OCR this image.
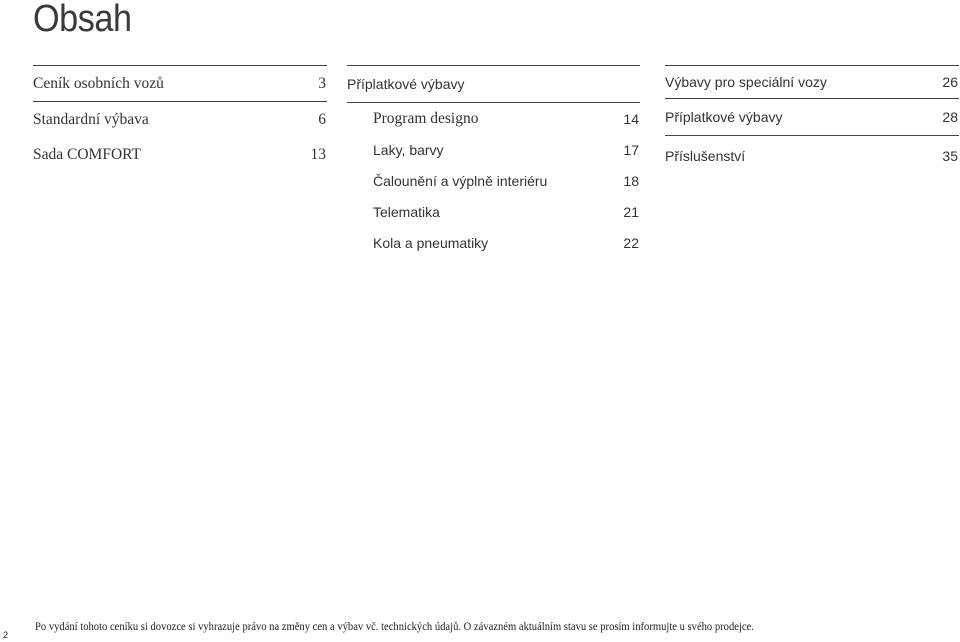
Obsah
Ceník osobních vozů	3
Standardní výbava	6
Sada COMFORT	13
Příplatkové výbavy
Program designo	14
Laky, barvy	17
Čalounění a výplně interiéru	18
Telematika	21
Kola a pneumatiky	22
Výbavy pro speciální vozy	26
Příplatkové výbavy	28
Příslušenství	35
Po vydání tohoto ceníku si dovozce si vyhrazuje právo na změny cen a výbav vč. technických údajů. O závazném aktuálním stavu se prosím informujte u svého prodejce.
2
